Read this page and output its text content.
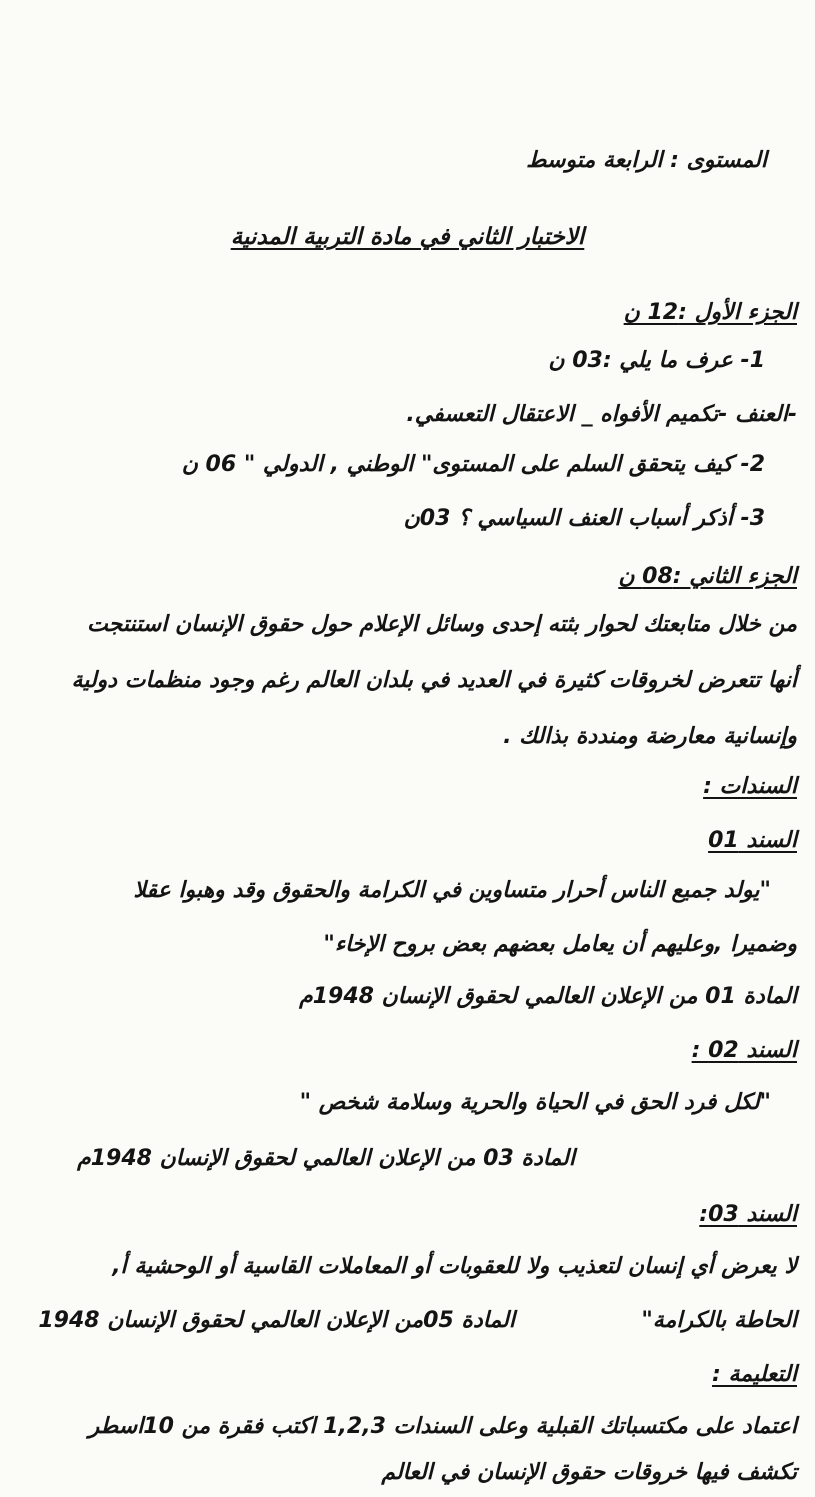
المستوى : الرابعة متوسط
الاختبار الثاني في مادة التربية المدنية
الجزء الأول :12 ن
1- عرف ما يلي :03 ن
-العنف -تكميم الأفواه _ الاعتقال التعسفي.
2- كيف يتحقق السلم على المستوى" الوطني , الدولي " 06 ن
3- أذكر أسباب العنف السياسي ؟ 03ن
الجزء الثاني :08 ن
من خلال متابعتك لحوار بثته إحدى وسائل الإعلام حول حقوق الإنسان استنتجت
أنها تتعرض لخروقات كثيرة في العديد في بلدان العالم رغم وجود منظمات دولية
وإنسانية معارضة ومنددة بذالك .
السندات :
السند 01
"يولد جميع الناس أحرار متساوين في الكرامة والحقوق وقد وهبوا عقلا
وضميرا ,وعليهم أن يعامل بعضهم بعض بروح الإخاء"
المادة 01 من الإعلان العالمي لحقوق الإنسان 1948م
السند 02 :
"لكل فرد الحق في الحياة والحرية وسلامة شخص "
المادة 03 من الإعلان العالمي لحقوق الإنسان 1948م
السند 03:
لا يعرض أي إنسان لتعذيب ولا للعقوبات أو المعاملات القاسية أو الوحشية أ,
الحاطة بالكرامة"
المادة 05من الإعلان العالمي لحقوق الإنسان 1948
التعليمة :
اعتماد على مكتسباتك القبلية وعلى السندات 1,2,3 اكتب فقرة من 10اسطر
تكشف فيها خروقات حقوق الإنسان في العالم
